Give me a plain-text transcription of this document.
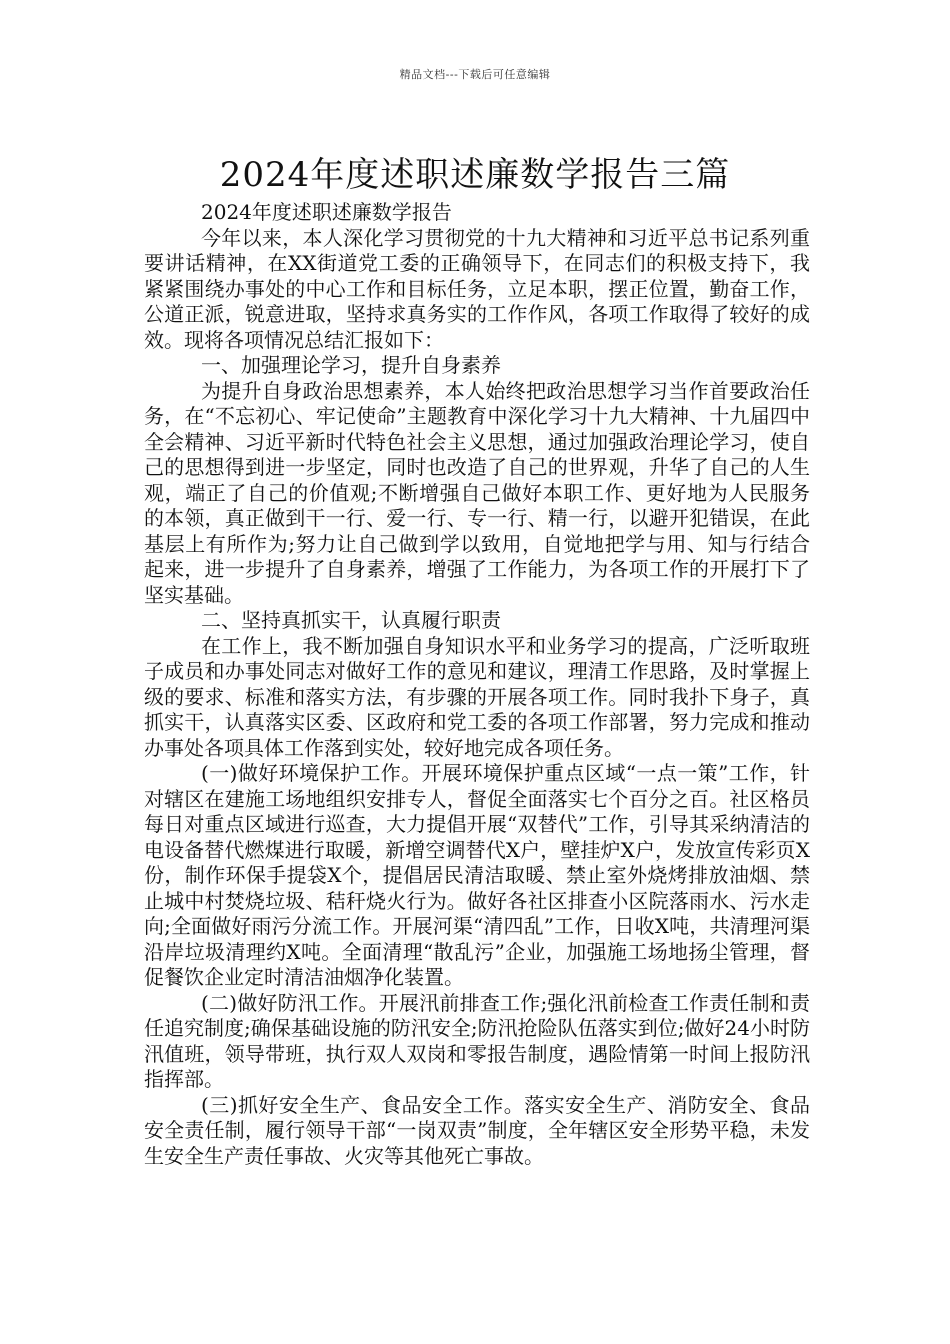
精品文档---下载后可任意编辑
2024年度述职述廉数学报告三篇

2024年度述职述廉数学报告

今年以来，本人深化学习贯彻党的十九大精神和习近平总书记系列重要讲话精神，在XX街道党工委的正确领导下，在同志们的积极支持下，我紧紧围绕办事处的中心工作和目标任务，立足本职，摆正位置，勤奋工作，公道正派，锐意进取，坚持求真务实的工作作风，各项工作取得了较好的成效。现将各项情况总结汇报如下：

一、加强理论学习，提升自身素养

为提升自身政治思想素养，本人始终把政治思想学习当作首要政治任务，在“不忘初心、牢记使命”主题教育中深化学习十九大精神、十九届四中全会精神、习近平新时代特色社会主义思想，通过加强政治理论学习，使自己的思想得到进一步坚定，同时也改造了自己的世界观，升华了自己的人生观，端正了自己的价值观;不断增强自己做好本职工作、更好地为人民服务的本领，真正做到干一行、爱一行、专一行、精一行，以避开犯错误，在此基层上有所作为;努力让自己做到学以致用，自觉地把学与用、知与行结合起来，进一步提升了自身素养，增强了工作能力，为各项工作的开展打下了坚实基础。

二、坚持真抓实干，认真履行职责

在工作上，我不断加强自身知识水平和业务学习的提高，广泛听取班子成员和办事处同志对做好工作的意见和建议，理清工作思路，及时掌握上级的要求、标准和落实方法，有步骤的开展各项工作。同时我扑下身子，真抓实干，认真落实区委、区政府和党工委的各项工作部署，努力完成和推动办事处各项具体工作落到实处，较好地完成各项任务。

(一)做好环境保护工作。开展环境保护重点区域“一点一策”工作，针对辖区在建施工场地组织安排专人，督促全面落实七个百分之百。社区格员每日对重点区域进行巡查，大力提倡开展“双替代”工作，引导其采纳清洁的电设备替代燃煤进行取暖，新增空调替代X户，壁挂炉X户，发放宣传彩页X份，制作环保手提袋X个，提倡居民清洁取暖、禁止室外烧烤排放油烟、禁止城中村焚烧垃圾、秸秆烧火行为。做好各社区排查小区院落雨水、污水走向;全面做好雨污分流工作。开展河渠“清四乱”工作，日收X吨，共清理河渠沿岸垃圾清理约X吨。全面清理“散乱污”企业，加强施工场地扬尘管理，督促餐饮企业定时清洁油烟净化装置。

(二)做好防汛工作。开展汛前排查工作;强化汛前检查工作责任制和责任追究制度;确保基础设施的防汛安全;防汛抢险队伍落实到位;做好24小时防汛值班，领导带班，执行双人双岗和零报告制度，遇险情第一时间上报防汛指挥部。

(三)抓好安全生产、食品安全工作。落实安全生产、消防安全、食品安全责任制，履行领导干部“一岗双责”制度，全年辖区安全形势平稳，未发生安全生产责任事故、火灾等其他死亡事故。
